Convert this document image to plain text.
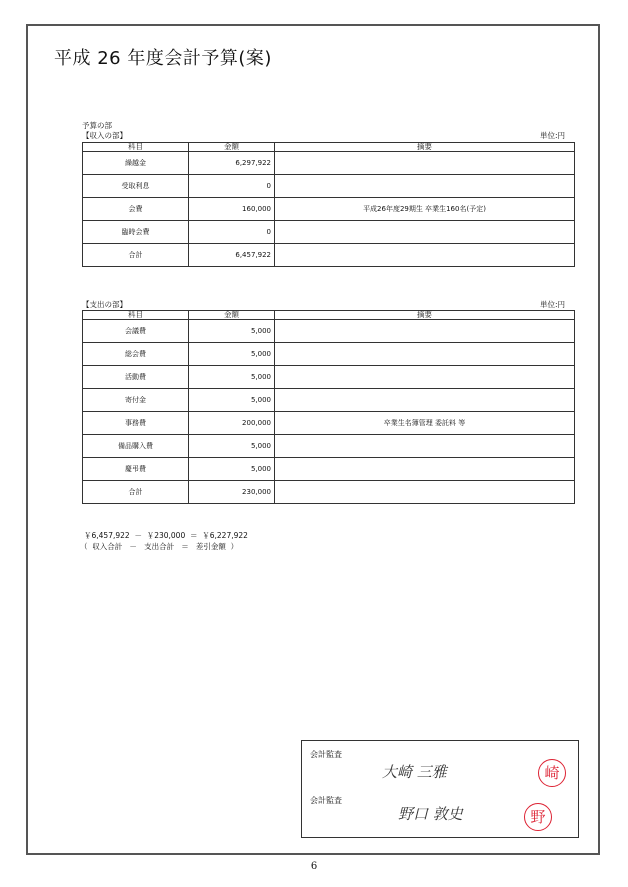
平成 26 年度会計予算(案)
予算の部
【収入の部】	単位:円
科目	金額	摘要
繰越金	6,297,922	
受取利息	0	
会費	160,000	平成26年度29期生 卒業生160名(予定)
臨時会費	0	
合計	6,457,922	
【支出の部】	単位:円
科目	金額	摘要
会議費	5,000	
総会費	5,000	
活動費	5,000	
寄付金	5,000	
事務費	200,000	卒業生名簿管理 委託料 等
備品購入費	5,000	
慶弔費	5,000	
合計	230,000	
￥6,457,922  －  ￥230,000  ＝  ￥6,227,922
（  収入合計   －   支出合計   ＝   差引金額  ）
会計監査
大崎 三雅	崎
会計監査
野口 敦史	野
6
